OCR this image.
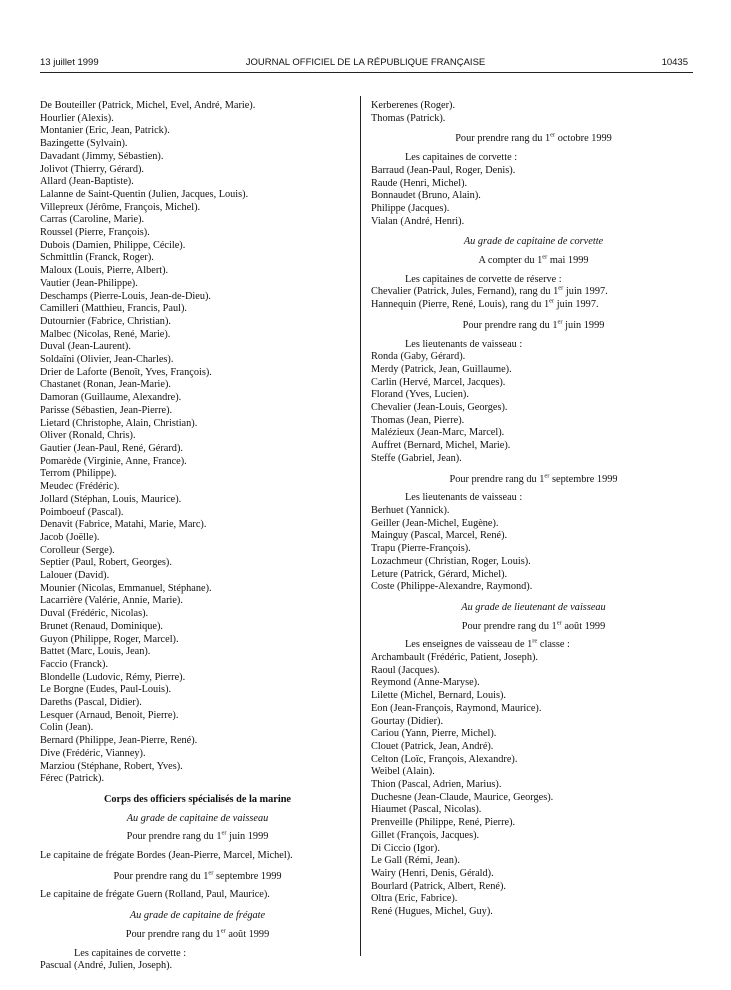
13 juillet 1999	JOURNAL OFFICIEL DE LA RÉPUBLIQUE FRANÇAISE	10435
De Bouteiller (Patrick, Michel, Evel, André, Marie).
Hourlier (Alexis).
Montanier (Eric, Jean, Patrick).
Bazingette (Sylvain).
Davadant (Jimmy, Sébastien).
Jolivot (Thierry, Gérard).
Allard (Jean-Baptiste).
Lalanne de Saint-Quentin (Julien, Jacques, Louis).
Villepreux (Jérôme, François, Michel).
Carras (Caroline, Marie).
Roussel (Pierre, François).
Dubois (Damien, Philippe, Cécile).
Schmittlin (Franck, Roger).
Maloux (Louis, Pierre, Albert).
Vautier (Jean-Philippe).
Deschamps (Pierre-Louis, Jean-de-Dieu).
Camilleri (Matthieu, Francis, Paul).
Dutournier (Fabrice, Christian).
Malbec (Nicolas, René, Marie).
Duval (Jean-Laurent).
Soldaïni (Olivier, Jean-Charles).
Drier de Laforte (Benoît, Yves, François).
Chastanet (Ronan, Jean-Marie).
Damoran (Guillaume, Alexandre).
Parisse (Sébastien, Jean-Pierre).
Lietard (Christophe, Alain, Christian).
Oliver (Ronald, Chris).
Gautier (Jean-Paul, René, Gérard).
Pomarède (Virginie, Anne, France).
Terrom (Philippe).
Meudec (Frédéric).
Jollard (Stéphan, Louis, Maurice).
Poimboeuf (Pascal).
Denavit (Fabrice, Matahi, Marie, Marc).
Jacob (Joëlle).
Corolleur (Serge).
Septier (Paul, Robert, Georges).
Lalouer (David).
Mounier (Nicolas, Emmanuel, Stéphane).
Lacarrière (Valérie, Annie, Marie).
Duval (Frédéric, Nicolas).
Brunet (Renaud, Dominique).
Guyon (Philippe, Roger, Marcel).
Battet (Marc, Louis, Jean).
Faccio (Franck).
Blondelle (Ludovic, Rémy, Pierre).
Le Borgne (Eudes, Paul-Louis).
Dareths (Pascal, Didier).
Lesquer (Arnaud, Benoit, Pierre).
Colin (Jean).
Bernard (Philippe, Jean-Pierre, René).
Dive (Frédéric, Vianney).
Marziou (Stéphane, Robert, Yves).
Férec (Patrick).
Corps des officiers spécialisés de la marine
Au grade de capitaine de vaisseau
Pour prendre rang du 1er juin 1999
Le capitaine de frégate Bordes (Jean-Pierre, Marcel, Michel).
Pour prendre rang du 1er septembre 1999
Le capitaine de frégate Guern (Rolland, Paul, Maurice).
Au grade de capitaine de frégate
Pour prendre rang du 1er août 1999
Les capitaines de corvette :
Pascual (André, Julien, Joseph).
Kerberenes (Roger).
Thomas (Patrick).
Pour prendre rang du 1er octobre 1999
Les capitaines de corvette :
Barraud (Jean-Paul, Roger, Denis).
Raude (Henri, Michel).
Bonnaudet (Bruno, Alain).
Philippe (Jacques).
Vialan (André, Henri).
Au grade de capitaine de corvette
A compter du 1er mai 1999
Les capitaines de corvette de réserve :
Chevalier (Patrick, Jules, Fernand), rang du 1er juin 1997.
Hannequin (Pierre, René, Louis), rang du 1er juin 1997.
Pour prendre rang du 1er juin 1999
Les lieutenants de vaisseau :
Ronda (Gaby, Gérard).
Merdy (Patrick, Jean, Guillaume).
Carlin (Hervé, Marcel, Jacques).
Florand (Yves, Lucien).
Chevalier (Jean-Louis, Georges).
Thomas (Jean, Pierre).
Malézieux (Jean-Marc, Marcel).
Auffret (Bernard, Michel, Marie).
Steffe (Gabriel, Jean).
Pour prendre rang du 1er septembre 1999
Les lieutenants de vaisseau :
Berhuet (Yannick).
Geiller (Jean-Michel, Eugène).
Mainguy (Pascal, Marcel, René).
Trapu (Pierre-François).
Lozachmeur (Christian, Roger, Louis).
Leture (Patrick, Gérard, Michel).
Coste (Philippe-Alexandre, Raymond).
Au grade de lieutenant de vaisseau
Pour prendre rang du 1er août 1999
Les enseignes de vaisseau de 1re classe :
Archambault (Frédéric, Patient, Joseph).
Raoul (Jacques).
Reymond (Anne-Maryse).
Lilette (Michel, Bernard, Louis).
Eon (Jean-François, Raymond, Maurice).
Gourtay (Didier).
Cariou (Yann, Pierre, Michel).
Clouet (Patrick, Jean, André).
Celton (Loïc, François, Alexandre).
Weibel (Alain).
Thion (Pascal, Adrien, Marius).
Duchesne (Jean-Claude, Maurice, Georges).
Hiaumet (Pascal, Nicolas).
Prenveille (Philippe, René, Pierre).
Gillet (François, Jacques).
Di Ciccio (Igor).
Le Gall (Rémi, Jean).
Wairy (Henri, Denis, Gérald).
Bourlard (Patrick, Albert, René).
Oltra (Eric, Fabrice).
René (Hugues, Michel, Guy).
